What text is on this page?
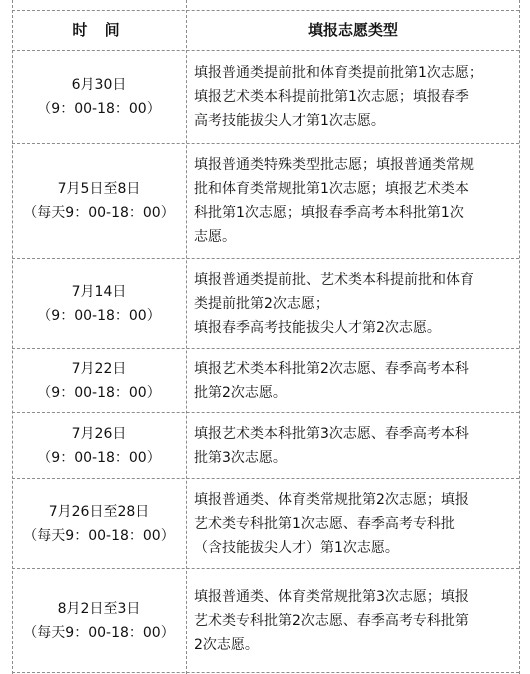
时 间	填报志愿类型
6月30日
（9：00-18：00）

填报普通类提前批和体育类提前批第1次志愿；
填报艺术类本科提前批第1次志愿；填报春季
高考技能拔尖人才第1次志愿。

7月5日至8日
（每天9：00-18：00）

填报普通类特殊类型批志愿；填报普通类常规
批和体育类常规批第1次志愿；填报艺术类本
科批第1次志愿；填报春季高考本科批第1次
志愿。

7月14日
（9：00-18：00）

填报普通类提前批、艺术类本科提前批和体育
类提前批第2次志愿；
填报春季高考技能拔尖人才第2次志愿。

7月22日
（9：00-18：00）

填报艺术类本科批第2次志愿、春季高考本科
批第2次志愿。

7月26日
（9：00-18：00）

填报艺术类本科批第3次志愿、春季高考本科
批第3次志愿。

7月26日至28日
（每天9：00-18：00）

填报普通类、体育类常规批第2次志愿；填报
艺术类专科批第1次志愿、春季高考专科批
（含技能拔尖人才）第1次志愿。

8月2日至3日
（每天9：00-18：00）

填报普通类、体育类常规批第3次志愿；填报
艺术类专科批第2次志愿、春季高考专科批第
2次志愿。
